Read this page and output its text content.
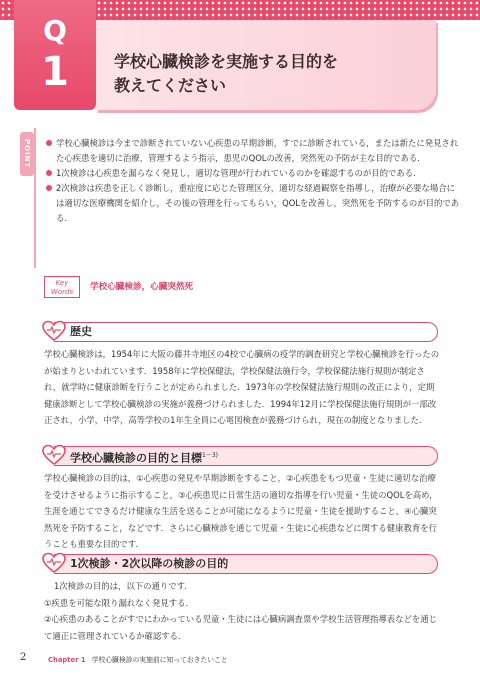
Q
1	学校心臓検診を実施する目的を
教えてください
POINT	学校心臓検診は今まで診断されていない心疾患の早期診断，すでに診断されている，または新たに発見された心疾患を適切に治療，管理するよう指示，患児のQOLの改善，突然死の予防が主な目的である．
1次検診は心疾患を漏らなく発見し，適切な管理が行われているのかを確認するのが目的である．
2次検診は疾患を正しく診断し，重症度に応じた管理区分，適切な経過観察を指導し，治療が必要な場合には適切な医療機関を紹介し，その後の管理を行ってもらい，QOLを改善し，突然死を予防するのが目的である．
Key
Words	学校心臓検診，心臓突然死
歴史

学校心臓検診は，1954年に大阪の藤井寺地区の4校で心臓病の疫学的調査研究と学校心臓検診を行ったのが始まりといわれています．1958年に学校保健法，学校保健法施行令，学校保健法施行規則が制定され，就学時に健康診断を行うことが定められました．1973年の学校保健法施行規則の改正により，定期健康診断として学校心臓検診の実施が義務づけられました．1994年12月に学校保健法施行規則が一部改正され，小学，中学，高等学校の1年生全員に心電図検査が義務づけられ，現在の制度となりました．

学校心臓検診の目的と目標$^{1〜3)}$

学校心臓検診の目的は，①心疾患の発見や早期診断をすること，②心疾患をもつ児童・生徒に適切な治療を受けさせるように指示すること，③心疾患児に日常生活の適切な指導を行い児童・生徒のQOLを高め，生涯を通じてできるだけ健康な生活を送ることが可能になるように児童・生徒を援助すること，④心臓突然死を予防すること，などです．さらに心臓検診を通じて児童・生徒に心疾患などに関する健康教育を行うことも重要な目的です．

1次検診・2次以降の検診の目的
1次検診の目的は，以下の通りです．
①疾患を可能な限り漏れなく発見する．
②心疾患のあることがすでにわかっている児童・生徒には心臓病調査票や学校生活管理指導表などを通じて適正に管理されているか確認する．
2	Chapter 1 学校心臓検診の実施前に知っておきたいこと
